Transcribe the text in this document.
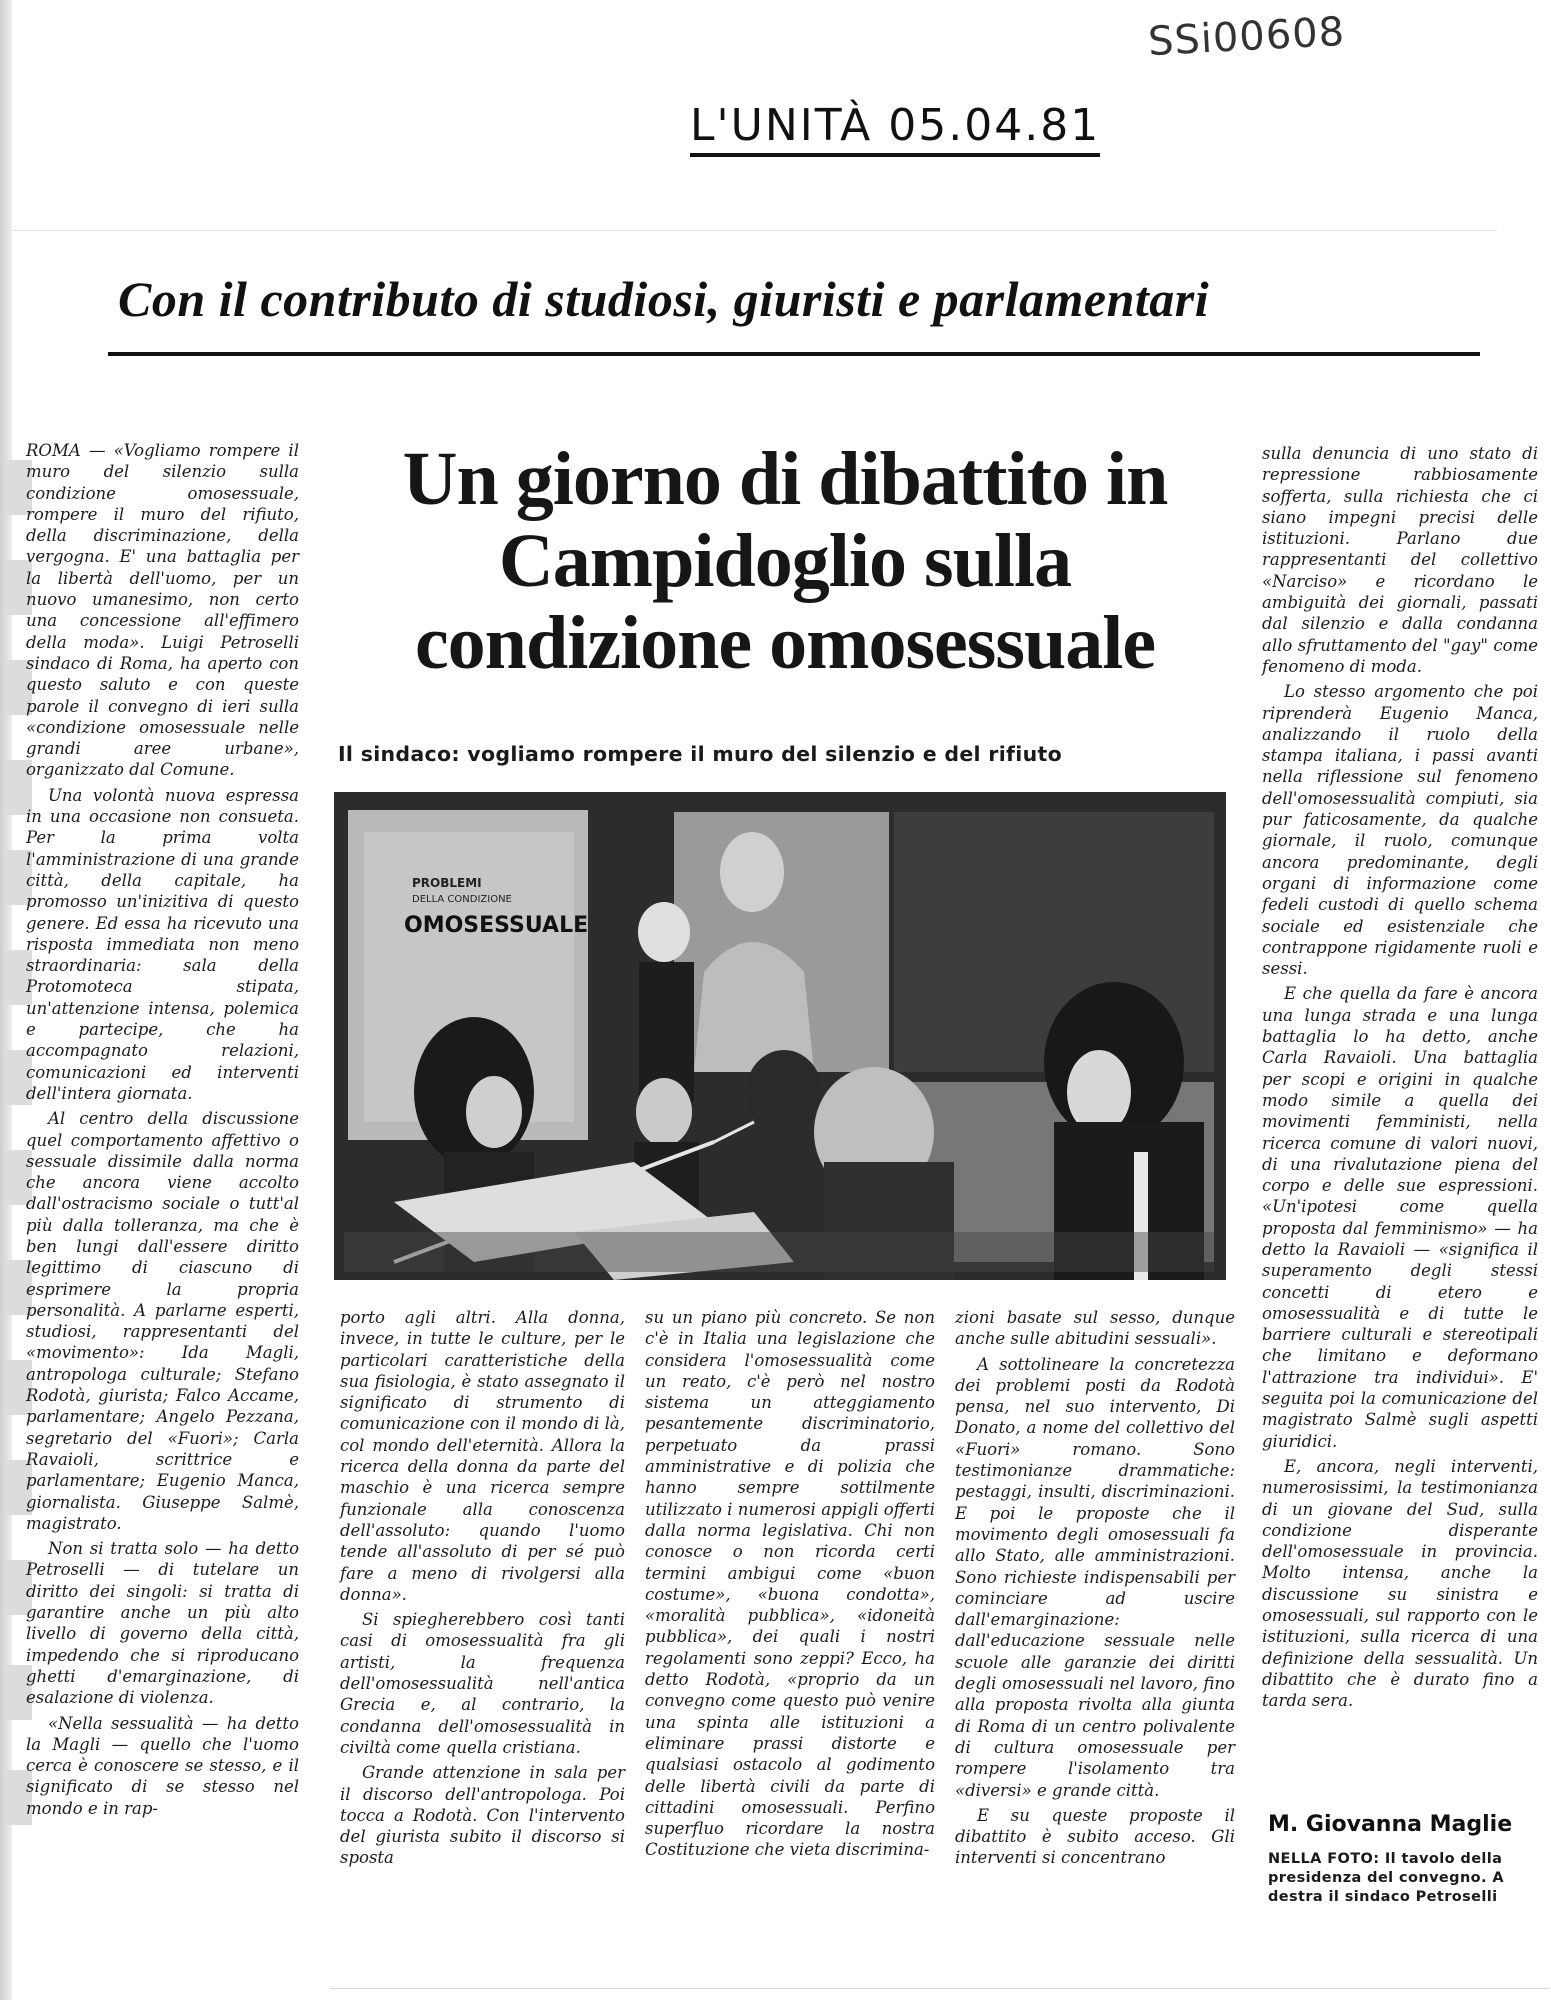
SSi00608
L'UNITÀ 05.04.81
Con il contributo di studiosi, giuristi e parlamentari

ROMA — «Vogliamo rompere il muro del silenzio sulla condizione omosessuale, rompere il muro del rifiuto, della discriminazione, della vergogna. E' una battaglia per la libertà dell'uomo, per un nuovo umanesimo, non certo una concessione all'effimero della moda». Luigi Petroselli sindaco di Roma, ha aperto con questo saluto e con queste parole il convegno di ieri sulla «condizione omosessuale nelle grandi aree urbane», organizzato dal Comune.

Una volontà nuova espressa in una occasione non consueta. Per la prima volta l'amministrazione di una grande città, della capitale, ha promosso un'inizitiva di questo genere. Ed essa ha ricevuto una risposta immediata non meno straordinaria: sala della Protomoteca stipata, un'attenzione intensa, polemica e partecipe, che ha accompagnato relazioni, comunicazioni ed interventi dell'intera giornata.

Al centro della discussione quel comportamento affettivo o sessuale dissimile dalla norma che ancora viene accolto dall'ostracismo sociale o tutt'al più dalla tolleranza, ma che è ben lungi dall'essere diritto legittimo di ciascuno di esprimere la propria personalità. A parlarne esperti, studiosi, rappresentanti del «movimento»: Ida Magli, antropologa culturale; Stefano Rodotà, giurista; Falco Accame, parlamentare; Angelo Pezzana, segretario del «Fuori»; Carla Ravaioli, scrittrice e parlamentare; Eugenio Manca, giornalista. Giuseppe Salmè, magistrato.

Non si tratta solo — ha detto Petroselli — di tutelare un diritto dei singoli: si tratta di garantire anche un più alto livello di governo della città, impedendo che si riproducano ghetti d'emarginazione, di esalazione di violenza.

«Nella sessualità — ha detto la Magli — quello che l'uomo cerca è conoscere se stesso, e il significato di se stesso nel mondo e in rap-

Un giorno di dibattito in Campidoglio sulla condizione omosessuale
Il sindaco: vogliamo rompere il muro del silenzio e del rifiuto
PROBLEMI
DELLA CONDIZIONE
OMOSESSUALE

porto agli altri. Alla donna, invece, in tutte le culture, per le particolari caratteristiche della sua fisiologia, è stato assegnato il significato di strumento di comunicazione con il mondo di là, col mondo dell'eternità. Allora la ricerca della donna da parte del maschio è una ricerca sempre funzionale alla conoscenza dell'assoluto: quando l'uomo tende all'assoluto di per sé può fare a meno di rivolgersi alla donna».

Si spiegherebbero così tanti casi di omosessualità fra gli artisti, la frequenza dell'omosessualità nell'antica Grecia e, al contrario, la condanna dell'omosessualità in civiltà come quella cristiana.

Grande attenzione in sala per il discorso dell'antropologa. Poi tocca a Rodotà. Con l'intervento del giurista subito il discorso si sposta

su un piano più concreto. Se non c'è in Italia una legislazione che considera l'omosessualità come un reato, c'è però nel nostro sistema un atteggiamento pesantemente discriminatorio, perpetuato da prassi amministrative e di polizia che hanno sempre sottilmente utilizzato i numerosi appigli offerti dalla norma legislativa. Chi non conosce o non ricorda certi termini ambigui come «buon costume», «buona condotta», «moralità pubblica», «idoneità pubblica», dei quali i nostri regolamenti sono zeppi? Ecco, ha detto Rodotà, «proprio da un convegno come questo può venire una spinta alle istituzioni a eliminare prassi distorte e qualsiasi ostacolo al godimento delle libertà civili da parte di cittadini omosessuali. Perfino superfluo ricordare la nostra Costituzione che vieta discrimina-

zioni basate sul sesso, dunque anche sulle abitudini sessuali».

A sottolineare la concretezza dei problemi posti da Rodotà pensa, nel suo intervento, Di Donato, a nome del collettivo del «Fuori» romano. Sono testimonianze drammatiche: pestaggi, insulti, discriminazioni. E poi le proposte che il movimento degli omosessuali fa allo Stato, alle amministrazioni. Sono richieste indispensabili per cominciare ad uscire dall'emarginazione: dall'educazione sessuale nelle scuole alle garanzie dei diritti degli omosessuali nel lavoro, fino alla proposta rivolta alla giunta di Roma di un centro polivalente di cultura omosessuale per rompere l'isolamento tra «diversi» e grande città.

E su queste proposte il dibattito è subito acceso. Gli interventi si concentrano

sulla denuncia di uno stato di repressione rabbiosamente sofferta, sulla richiesta che ci siano impegni precisi delle istituzioni. Parlano due rappresentanti del collettivo «Narciso» e ricordano le ambiguità dei giornali, passati dal silenzio e dalla condanna allo sfruttamento del "gay" come fenomeno di moda.

Lo stesso argomento che poi riprenderà Eugenio Manca, analizzando il ruolo della stampa italiana, i passi avanti nella riflessione sul fenomeno dell'omosessualità compiuti, sia pur faticosamente, da qualche giornale, il ruolo, comunque ancora predominante, degli organi di informazione come fedeli custodi di quello schema sociale ed esistenziale che contrappone rigidamente ruoli e sessi.

E che quella da fare è ancora una lunga strada e una lunga battaglia lo ha detto, anche Carla Ravaioli. Una battaglia per scopi e origini in qualche modo simile a quella dei movimenti femministi, nella ricerca comune di valori nuovi, di una rivalutazione piena del corpo e delle sue espressioni. «Un'ipotesi come quella proposta dal femminismo» — ha detto la Ravaioli — «significa il superamento degli stessi concetti di etero e omosessualità e di tutte le barriere culturali e stereotipali che limitano e deformano l'attrazione tra individui». E' seguita poi la comunicazione del magistrato Salmè sugli aspetti giuridici.

E, ancora, negli interventi, numerosissimi, la testimonianza di un giovane del Sud, sulla condizione disperante dell'omosessuale in provincia. Molto intensa, anche la discussione su sinistra e omosessuali, sul rapporto con le istituzioni, sulla ricerca di una definizione della sessualità. Un dibattito che è durato fino a tarda sera.

M. Giovanna Maglie
NELLA FOTO: Il tavolo della presidenza del convegno. A destra il sindaco Petroselli
